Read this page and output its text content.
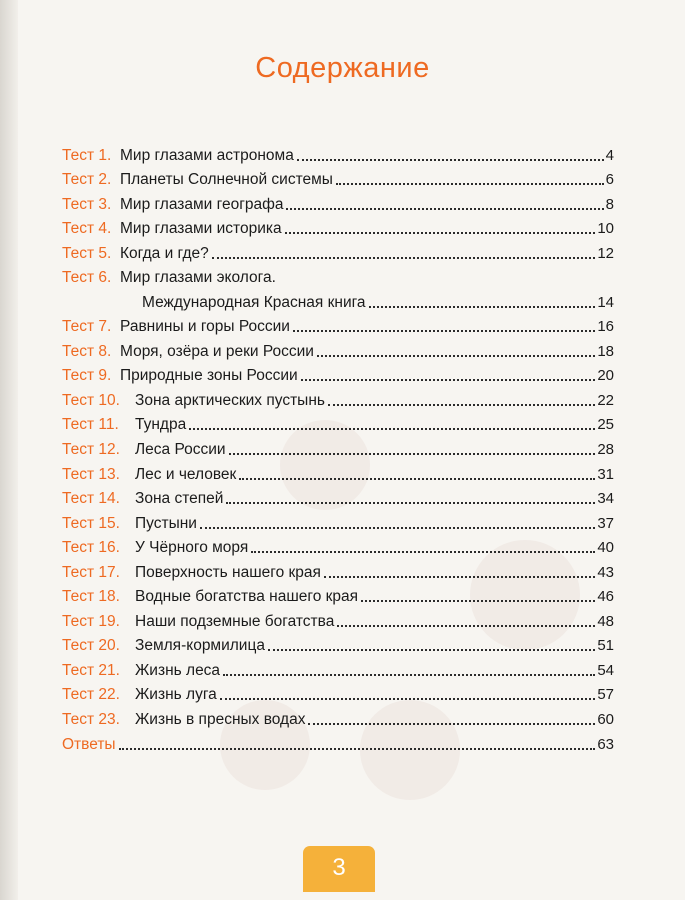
Содержание
Тест 1. Мир глазами астронома	4
Тест 2. Планеты Солнечной системы	6
Тест 3. Мир глазами географа	8
Тест 4. Мир глазами историка	10
Тест 5. Когда и где?	12
Тест 6. Мир глазами эколога.
Международная Красная книга	14
Тест 7. Равнины и горы России	16
Тест 8. Моря, озёра и реки России	18
Тест 9. Природные зоны России	20
Тест 10. Зона арктических пустынь	22
Тест 11.	Тундра	25
Тест 12. Леса России	28
Тест 13. Лес и человек	31
Тест 14. Зона степей	34
Тест 15. Пустыни	37
Тест 16. У Чёрного моря	40
Тест 17. Поверхность нашего края	43
Тест 18. Водные богатства нашего края	46
Тест 19. Наши подземные богатства	48
Тест 20. Земля-кормилица	51
Тест 21. Жизнь леса	54
Тест 22. Жизнь луга	57
Тест 23. Жизнь в пресных водах	60
Ответы	63
3
